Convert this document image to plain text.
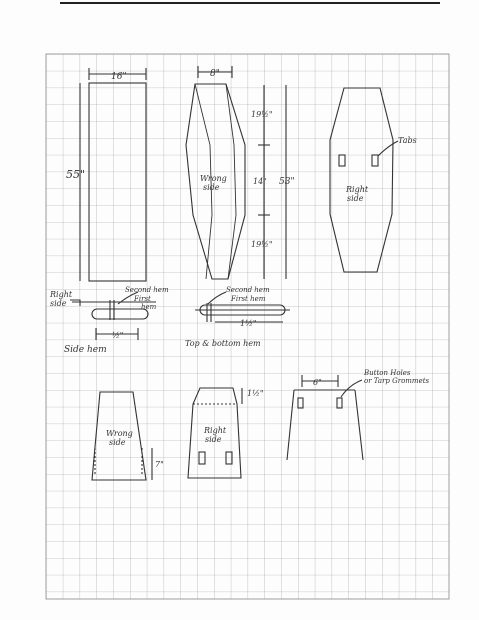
16"
55"
8"
19½"
14"
19½"
53"
Wrong
side
Tabs
Right
side
Right
side
Second hem
First
hem
½"
Side hem
Second hem
First hem
1½"
Top & bottom hem
Wrong
side
7"
1½"
Right
side
6"
Button Holes
or Tarp Grommets
